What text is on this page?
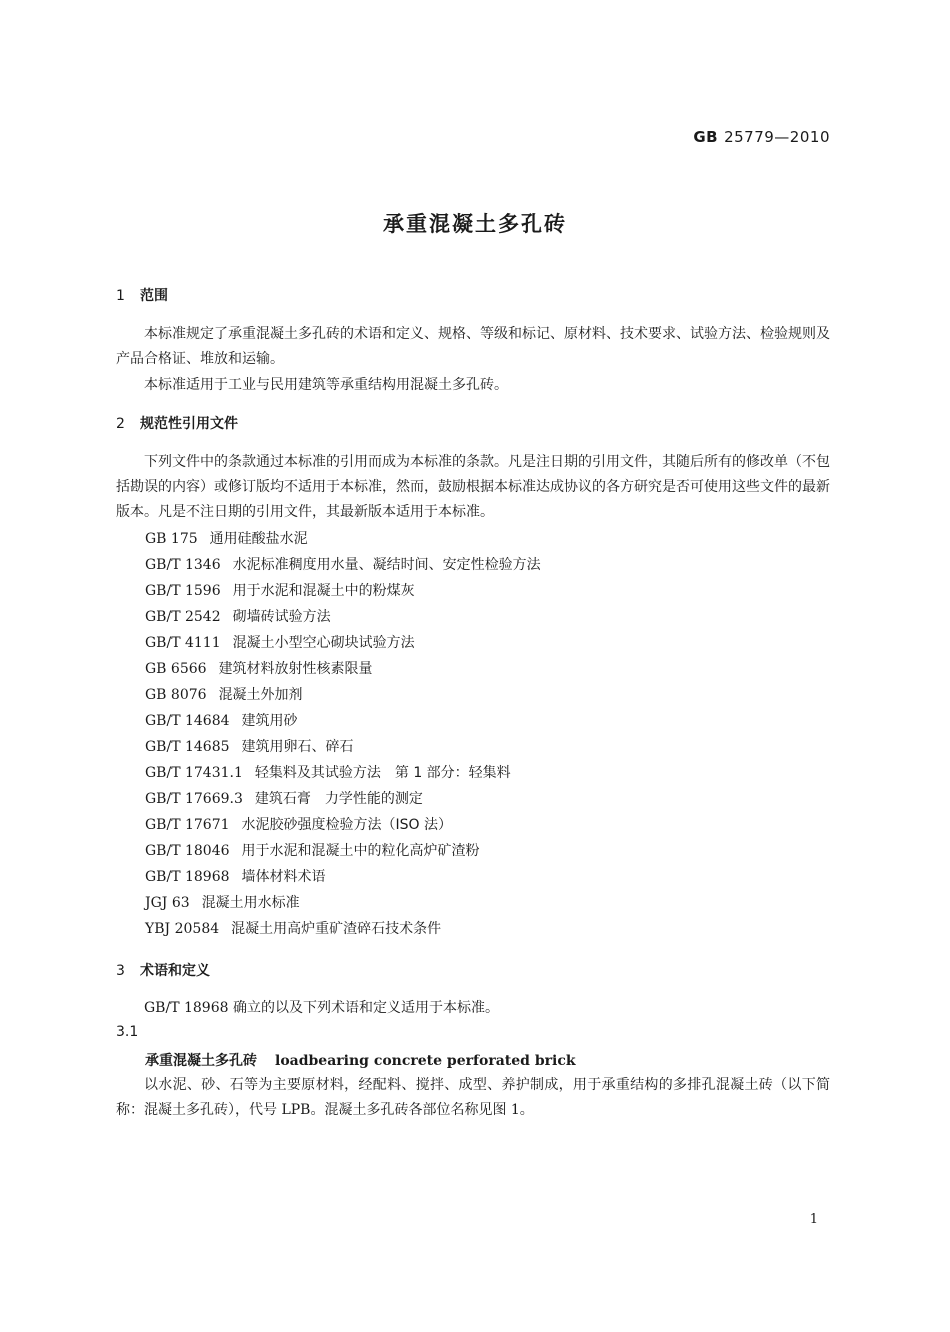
GB 25779—2010
承重混凝土多孔砖
1 范围
本标准规定了承重混凝土多孔砖的术语和定义、规格、等级和标记、原材料、技术要求、试验方法、检验规则及产品合格证、堆放和运输。
本标准适用于工业与民用建筑等承重结构用混凝土多孔砖。
2 规范性引用文件
下列文件中的条款通过本标准的引用而成为本标准的条款。凡是注日期的引用文件，其随后所有的修改单（不包括勘误的内容）或修订版均不适用于本标准，然而，鼓励根据本标准达成协议的各方研究是否可使用这些文件的最新版本。凡是不注日期的引用文件，其最新版本适用于本标准。
GB 175 通用硅酸盐水泥
GB/T 1346 水泥标准稠度用水量、凝结时间、安定性检验方法
GB/T 1596 用于水泥和混凝土中的粉煤灰
GB/T 2542 砌墙砖试验方法
GB/T 4111 混凝土小型空心砌块试验方法
GB 6566 建筑材料放射性核素限量
GB 8076 混凝土外加剂
GB/T 14684 建筑用砂
GB/T 14685 建筑用卵石、碎石
GB/T 17431.1 轻集料及其试验方法　第 1 部分：轻集料
GB/T 17669.3 建筑石膏　力学性能的测定
GB/T 17671 水泥胶砂强度检验方法（ISO 法）
GB/T 18046 用于水泥和混凝土中的粒化高炉矿渣粉
GB/T 18968 墙体材料术语
JGJ 63 混凝土用水标准
YBJ 20584 混凝土用高炉重矿渣碎石技术条件
3 术语和定义
GB/T 18968 确立的以及下列术语和定义适用于本标准。
3.1
承重混凝土多孔砖 loadbearing concrete perforated brick
以水泥、砂、石等为主要原材料，经配料、搅拌、成型、养护制成，用于承重结构的多排孔混凝土砖（以下简称：混凝土多孔砖），代号 LPB。混凝土多孔砖各部位名称见图 1。
1
